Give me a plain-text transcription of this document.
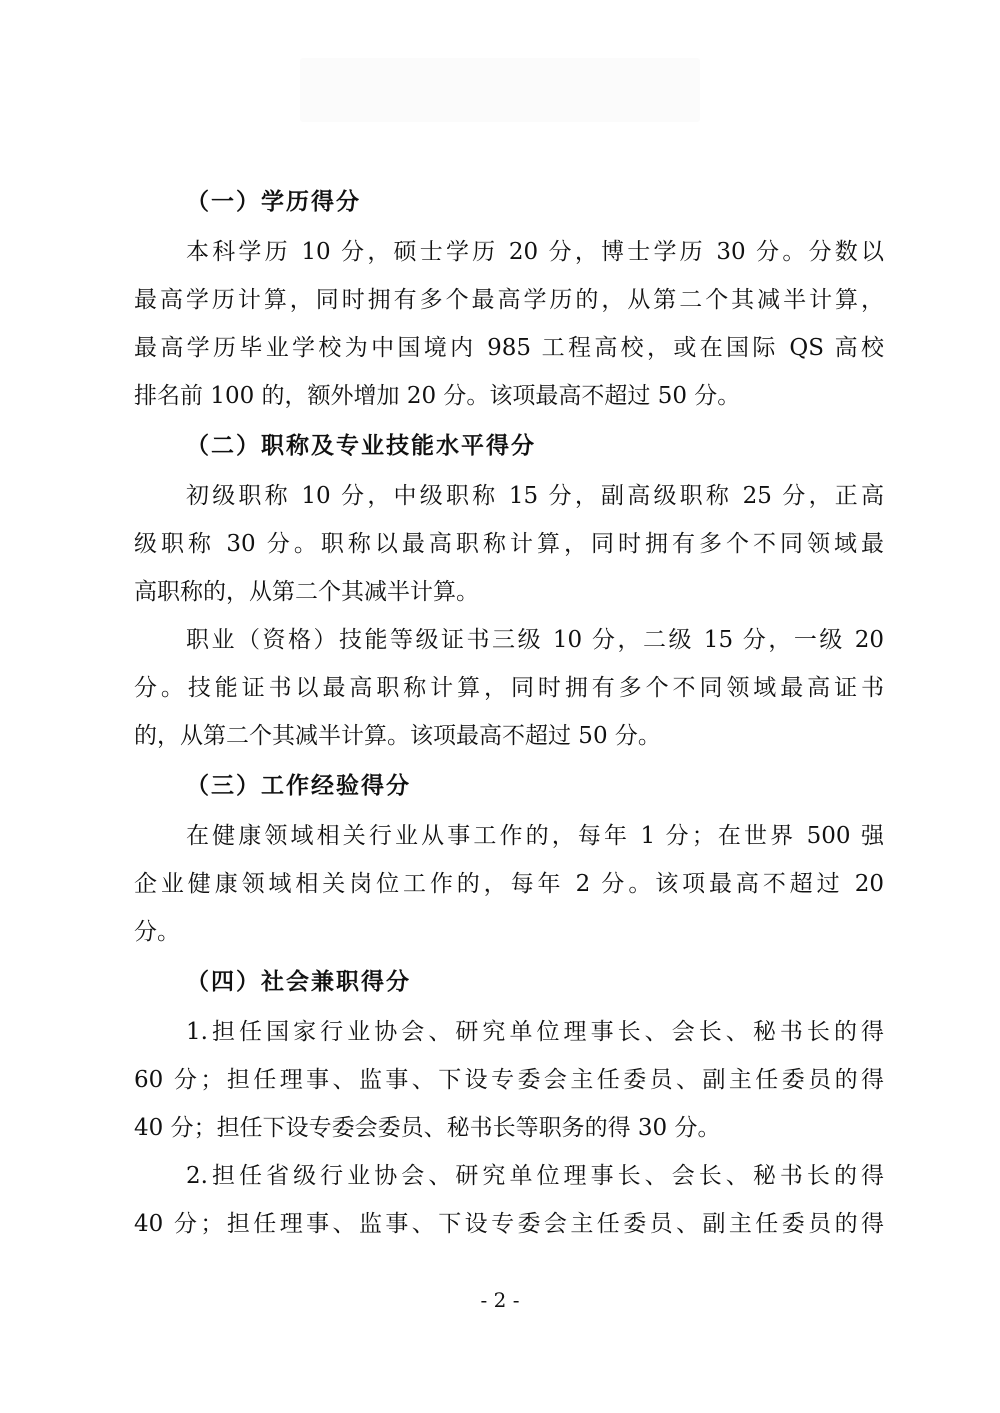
（一）学历得分

本科学历 10 分，硕士学历 20 分，博士学历 30 分。分数以
最高学历计算，同时拥有多个最高学历的，从第二个其减半计算，
最高学历毕业学校为中国境内 985 工程高校，或在国际 QS 高校
排名前 100 的，额外增加 20 分。该项最高不超过 50 分。

（二）职称及专业技能水平得分

初级职称 10 分，中级职称 15 分，副高级职称 25 分，正高
级职称 30 分。职称以最高职称计算，同时拥有多个不同领域最
高职称的，从第二个其减半计算。

职业（资格）技能等级证书三级 10 分，二级 15 分，一级 20
分。技能证书以最高职称计算，同时拥有多个不同领域最高证书
的，从第二个其减半计算。该项最高不超过 50 分。

（三）工作经验得分

在健康领域相关行业从事工作的，每年 1 分；在世界 500 强
企业健康领域相关岗位工作的，每年 2 分。该项最高不超过 20
分。

（四）社会兼职得分

1.担任国家行业协会、研究单位理事长、会长、秘书长的得
60 分；担任理事、监事、下设专委会主任委员、副主任委员的得
40 分；担任下设专委会委员、秘书长等职务的得 30 分。

2.担任省级行业协会、研究单位理事长、会长、秘书长的得
40 分；担任理事、监事、下设专委会主任委员、副主任委员的得

- 2 -
